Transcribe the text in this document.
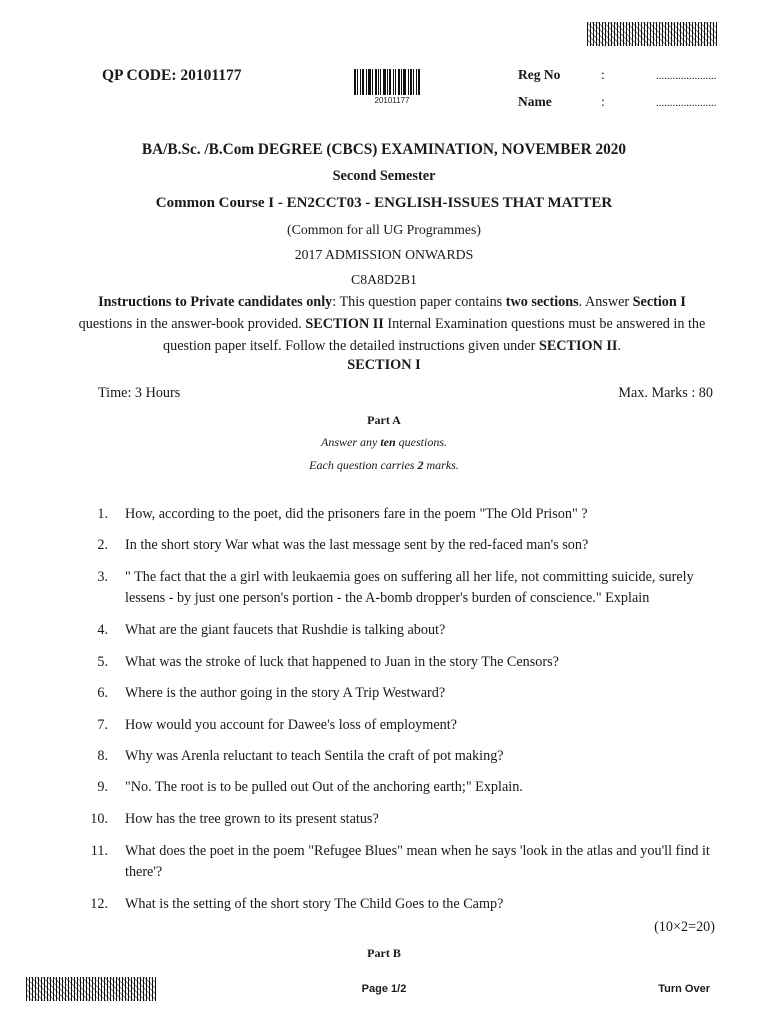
QP CODE: 20101177
20101177
Reg No	:	......................
Name	:	......................
BA/B.Sc. /B.Com DEGREE (CBCS) EXAMINATION, NOVEMBER 2020
Second Semester
Common Course I - EN2CCT03 - ENGLISH-ISSUES THAT MATTER
(Common for all UG Programmes)
2017 ADMISSION ONWARDS
C8A8D2B1
Instructions to Private candidates only: This question paper contains two sections. Answer Section I questions in the answer-book provided. SECTION II Internal Examination questions must be answered in the question paper itself. Follow the detailed instructions given under SECTION II.
SECTION I
Time: 3 Hours	Max. Marks : 80
Part A
Answer any ten questions.
Each question carries 2 marks.
1. How, according to the poet, did the prisoners fare in the poem "The Old Prison" ?
2. In the short story War what was the last message sent by the red-faced man's son?
3. " The fact that the a girl with leukaemia goes on suffering all her life, not committing suicide, surely lessens - by just one person's portion - the A-bomb dropper's burden of conscience." Explain
4. What are the giant faucets that Rushdie is talking about?
5. What was the stroke of luck that happened to Juan in the story The Censors?
6. Where is the author going in the story A Trip Westward?
7. How would you account for Dawee's loss of employment?
8. Why was Arenla reluctant to teach Sentila the craft of pot making?
9. "No. The root is to be pulled out Out of the anchoring earth;" Explain.
10. How has the tree grown to its present status?
11. What does the poet in the poem "Refugee Blues" mean when he says 'look in the atlas and you'll find it there'?
12. What is the setting of the short story The Child Goes to the Camp?
(10×2=20)
Part B
Page 1/2	Turn Over
